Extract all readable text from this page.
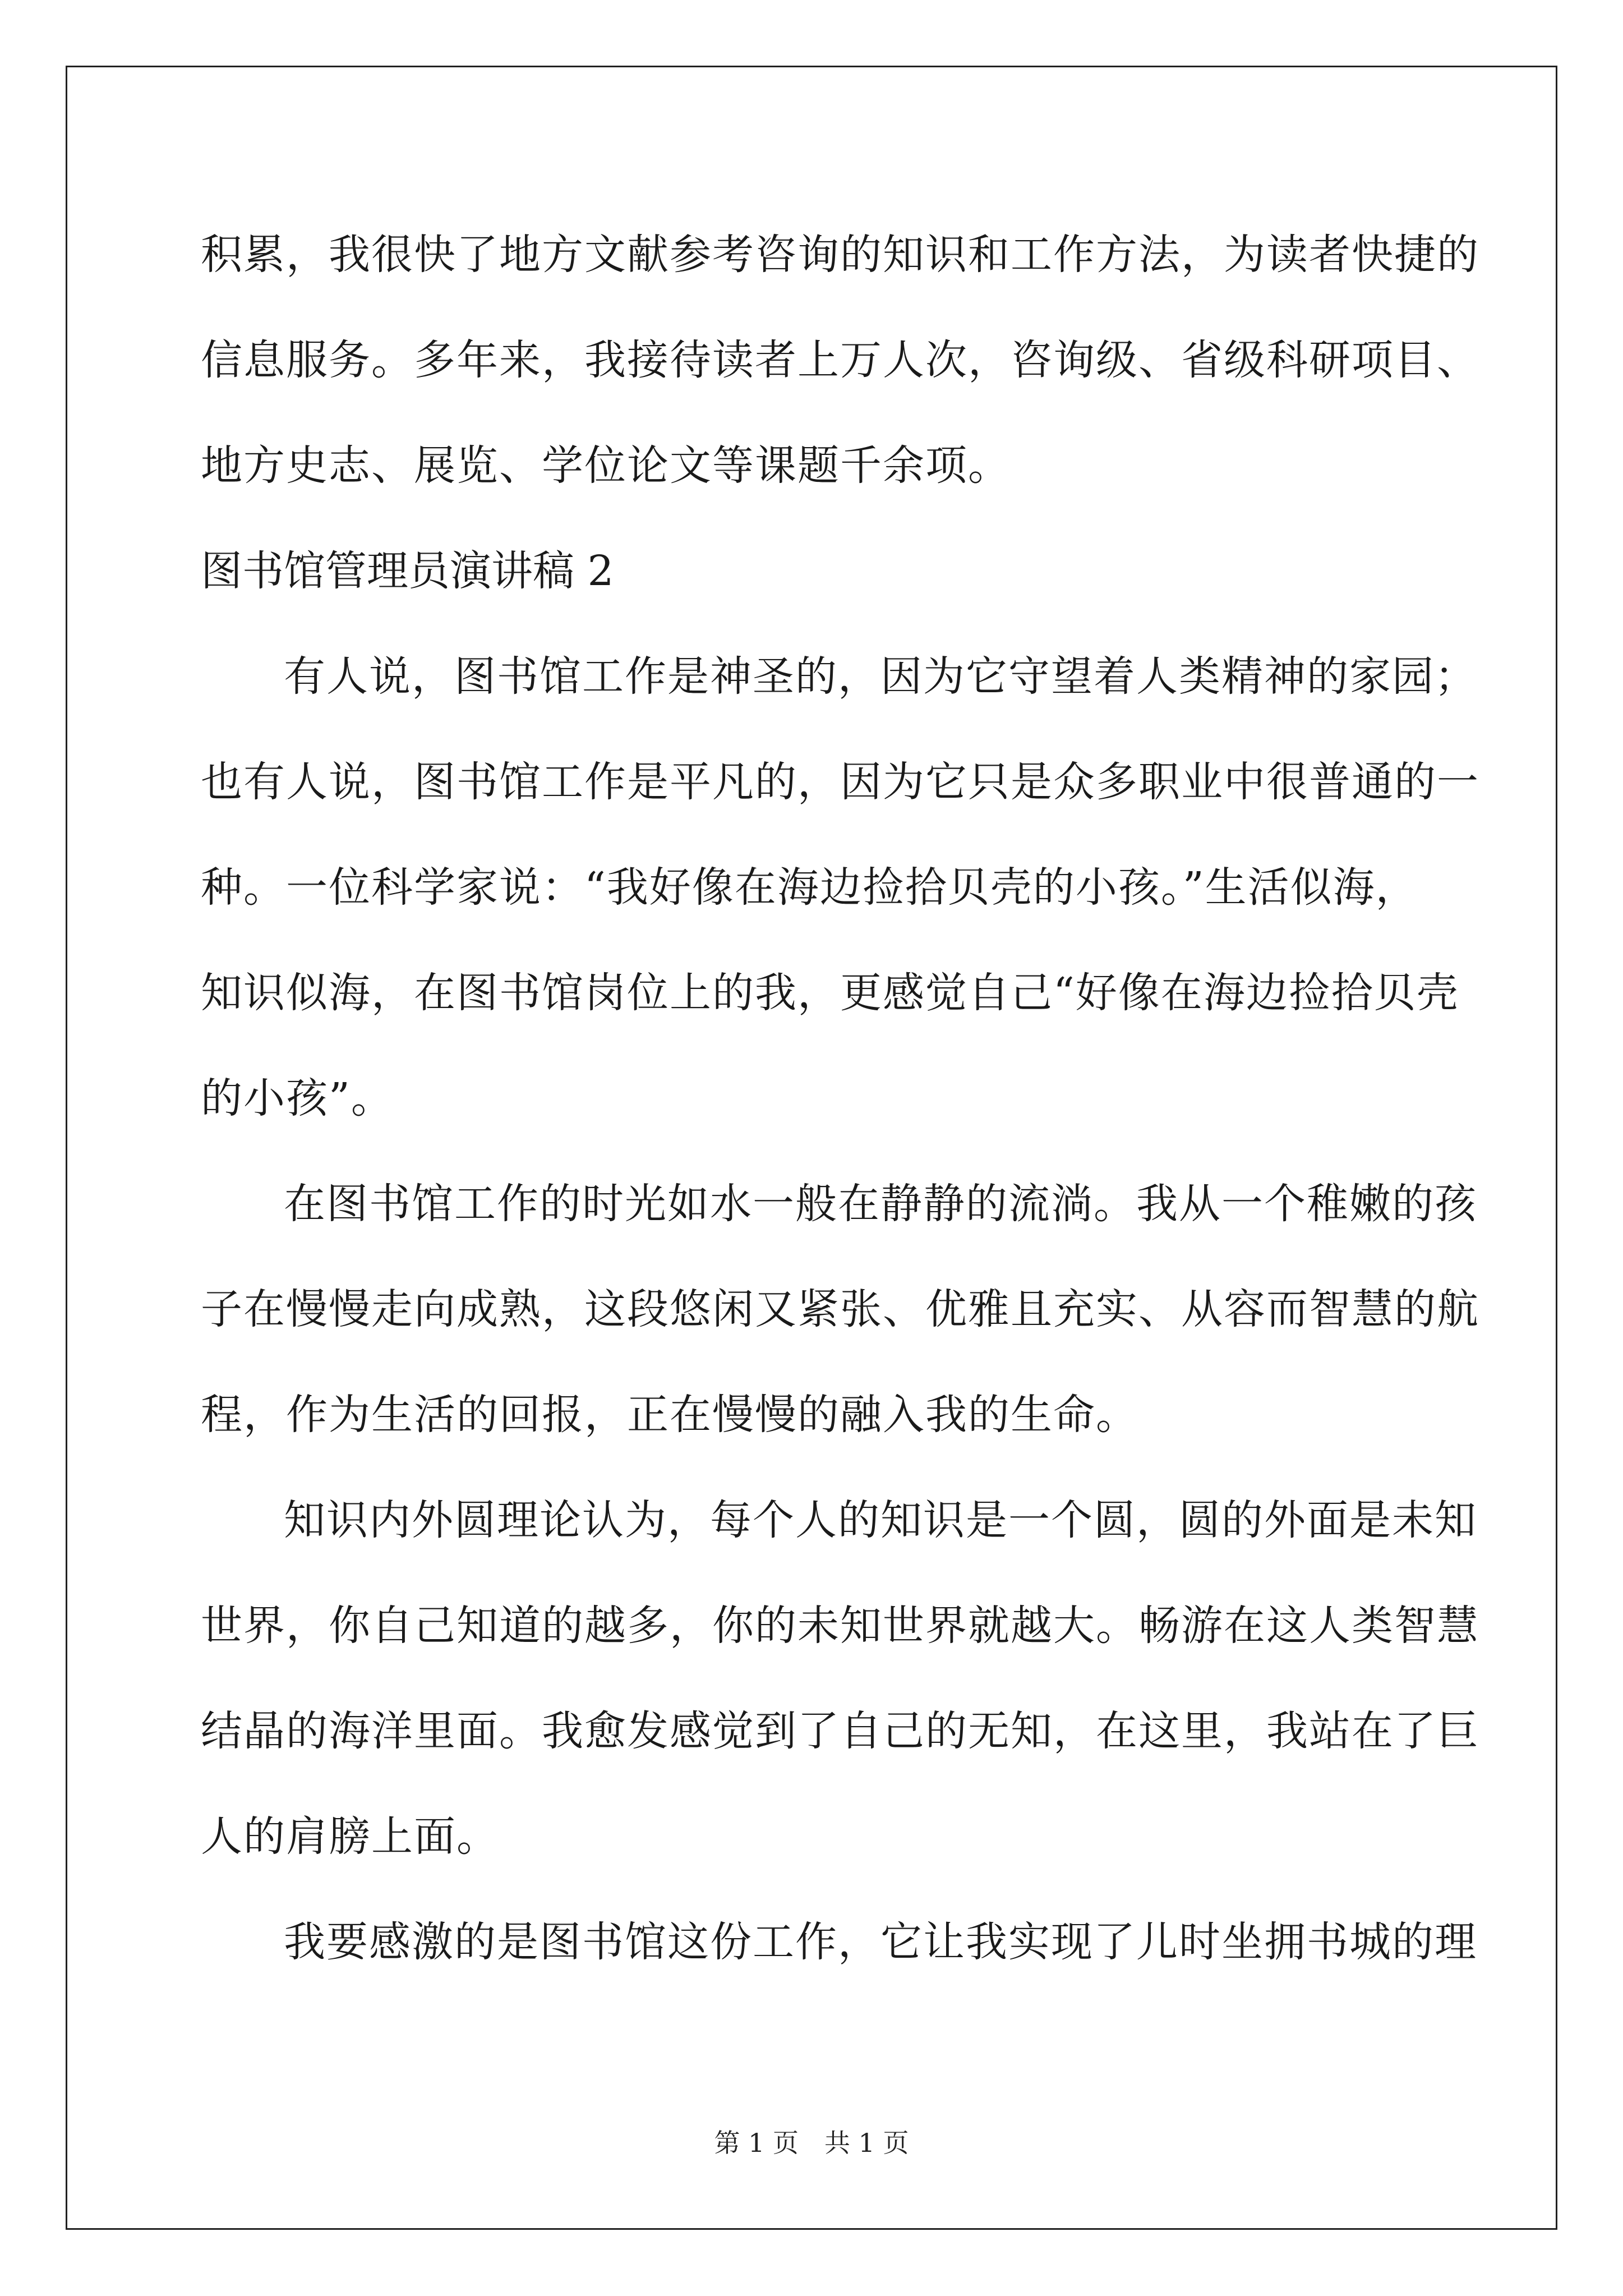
积累，我很快了地方文献参考咨询的知识和工作方法，为读者快捷的
信息服务。多年来，我接待读者上万人次，咨询级、省级科研项目、
地方史志、展览、学位论文等课题千余项。
图书馆管理员演讲稿 2
有人说，图书馆工作是神圣的，因为它守望着人类精神的家园；
也有人说，图书馆工作是平凡的，因为它只是众多职业中很普通的一
种。一位科学家说：“我好像在海边捡拾贝壳的小孩。”生活似海，
知识似海，在图书馆岗位上的我，更感觉自己“好像在海边捡拾贝壳
的小孩”。
在图书馆工作的时光如水一般在静静的流淌。我从一个稚嫩的孩
子在慢慢走向成熟，这段悠闲又紧张、优雅且充实、从容而智慧的航
程，作为生活的回报，正在慢慢的融入我的生命。
知识内外圆理论认为，每个人的知识是一个圆，圆的外面是未知
世界，你自己知道的越多，你的未知世界就越大。畅游在这人类智慧
结晶的海洋里面。我愈发感觉到了自己的无知，在这里，我站在了巨
人的肩膀上面。
我要感激的是图书馆这份工作，它让我实现了儿时坐拥书城的理
第 1 页　共 1 页
